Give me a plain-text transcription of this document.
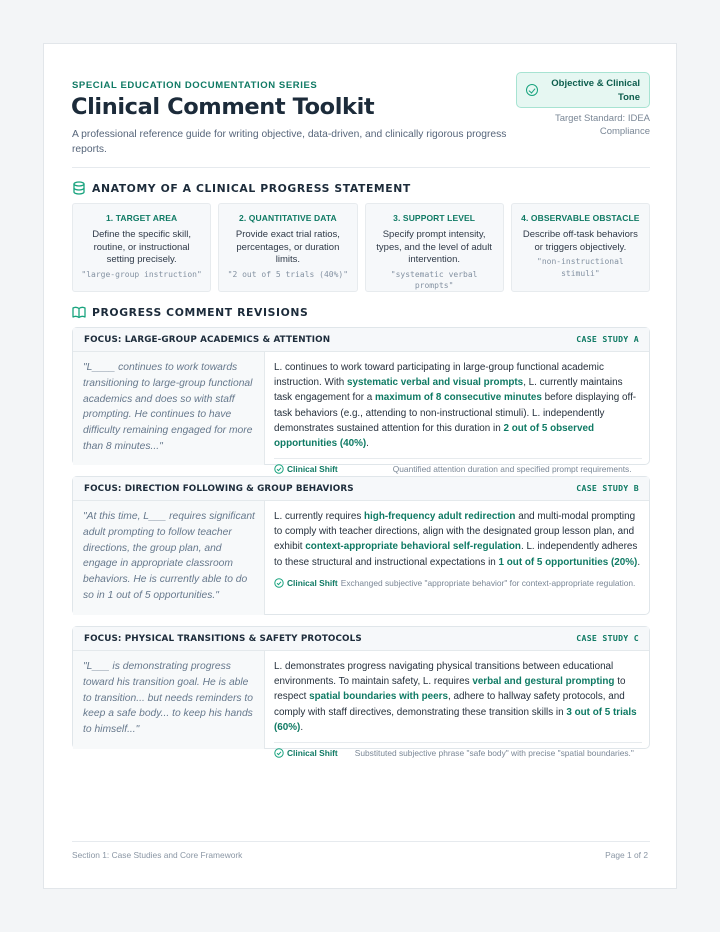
SPECIAL EDUCATION DOCUMENTATION SERIES
Clinical Comment Toolkit
A professional reference guide for writing objective, data-driven, and clinically rigorous progress reports.
Objective & Clinical Tone
Target Standard: IDEA Compliance
ANATOMY OF A CLINICAL PROGRESS STATEMENT
1. TARGET AREA

Define the specific skill, routine, or instructional setting precisely.

"large-group instruction"
2. QUANTITATIVE DATA

Provide exact trial ratios, percentages, or duration limits.

"2 out of 5 trials (40%)"
3. SUPPORT LEVEL

Specify prompt intensity, types, and the level of adult intervention.

"systematic verbal prompts"
4. OBSERVABLE OBSTACLE

Describe off-task behaviors or triggers objectively.

"non-instructional stimuli"
PROGRESS COMMENT REVISIONS
FOCUS: LARGE-GROUP ACADEMICS & ATTENTION	CASE STUDY A
"L____ continues to work towards transitioning to large-group functional academics and does so with staff prompting. He continues to have difficulty remaining engaged for more than 8 minutes..."
L. continues to work toward participating in large-group functional academic instruction. With systematic verbal and visual prompts, L. currently maintains task engagement for a maximum of 8 consecutive minutes before displaying off-task behaviors (e.g., attending to non-instructional stimuli). L. independently demonstrates sustained attention for this duration in 2 out of 5 observed opportunities (40%).
Clinical Shift	Quantified attention duration and specified prompt requirements.
FOCUS: DIRECTION FOLLOWING & GROUP BEHAVIORS	CASE STUDY B
"At this time, L___ requires significant adult prompting to follow teacher directions, the group plan, and engage in appropriate classroom behaviors. He is currently able to do so in 1 out of 5 opportunities."
L. currently requires high-frequency adult redirection and multi-modal prompting to comply with teacher directions, align with the designated group lesson plan, and exhibit context-appropriate behavioral self-regulation. L. independently adheres to these structural and instructional expectations in 1 out of 5 opportunities (20%).
Clinical Shift Exchanged subjective "appropriate behavior" for context-appropriate regulation.
FOCUS: PHYSICAL TRANSITIONS & SAFETY PROTOCOLS	CASE STUDY C
"L___ is demonstrating progress toward his transition goal. He is able to transition... but needs reminders to keep a safe body... to keep his hands to himself..."
L. demonstrates progress navigating physical transitions between educational environments. To maintain safety, L. requires verbal and gestural prompting to respect spatial boundaries with peers, adhere to hallway safety protocols, and comply with staff directives, demonstrating these transition skills in 3 out of 5 trials (60%).
Clinical Shift Substituted subjective phrase "safe body" with precise "spatial boundaries."
Section 1: Case Studies and Core Framework	Page 1 of 2
